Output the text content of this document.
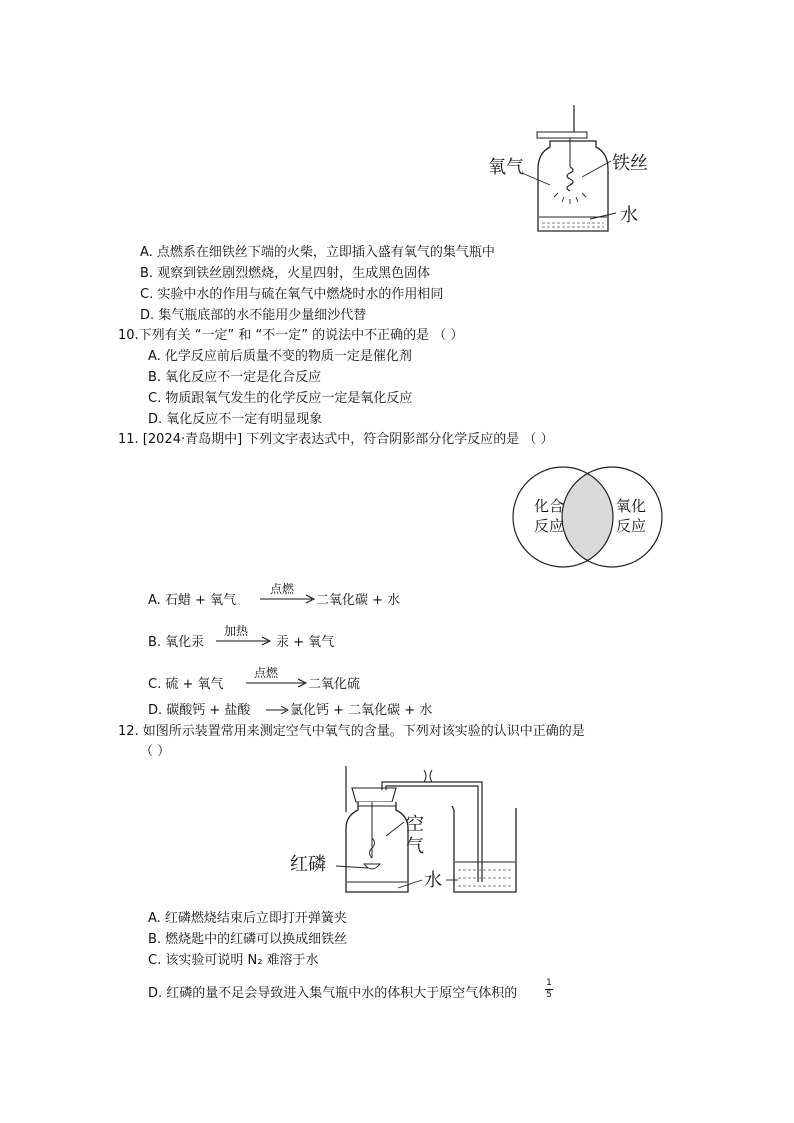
氧气	铁丝
水
A. 点燃系在细铁丝下端的火柴，立即插入盛有氧气的集气瓶中
B. 观察到铁丝剧烈燃烧，火星四射，生成黑色固体
C. 实验中水的作用与硫在氧气中燃烧时水的作用相同
D. 集气瓶底部的水不能用少量细沙代替
10.下列有关 “一定” 和 “不一定” 的说法中不正确的是 （ ）
A. 化学反应前后质量不变的物质一定是催化剂
B. 氧化反应不一定是化合反应
C. 物质跟氧气发生的化学反应一定是氧化反应
D. 氧化反应不一定有明显现象
11. [2024·青岛期中] 下列文字表达式中，符合阴影部分化学反应的是 （ ）
化合
反应
氧化
反应
A. 石蜡 + 氧气
点燃
二氧化碳 + 水
B. 氧化汞
加热
汞 + 氧气
C. 硫 + 氧气
点燃
二氧化硫
D. 碳酸钙 + 盐酸	氯化钙 + 二氧化碳 + 水
12. 如图所示装置常用来测定空气中氧气的含量。下列对该实验的认识中正确的是
（ ）
空
气
红磷
水
A. 红磷燃烧结束后立即打开弹簧夹
B. 燃烧匙中的红磷可以换成细铁丝
C. 该实验可说明 N₂ 难溶于水
D. 红磷的量不足会导致进入集气瓶中水的体积大于原空气体积的
1
5
